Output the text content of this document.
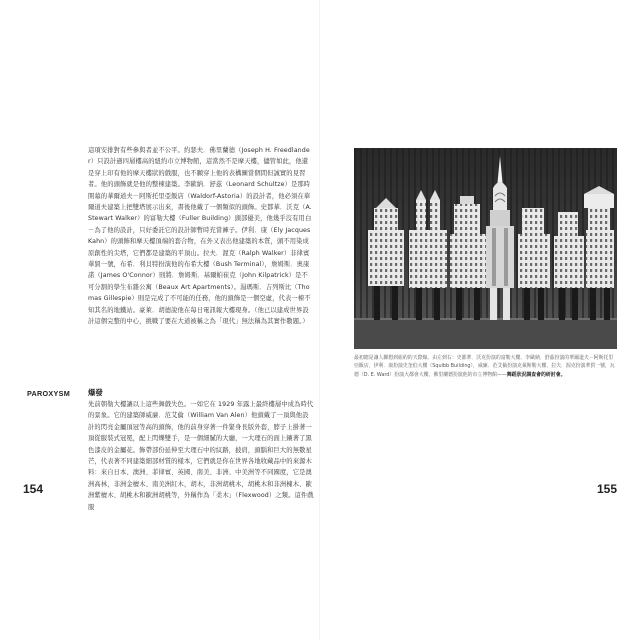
這項安排對有些參與者並不公平。約瑟夫．佛里蘭德（Joseph H. Freedlander）只設計過四層樓高的紐約市立博物館，這當然不是摩天樓，儘管如此，他還是穿上印有他的摩天樓狀的戲服，也不願穿上他的表構圖當個間但誠實的見習者。他的頭飾就是他的整棟建築。李歐納．舒茲（Leonard Schultze）是那時開幕的華爾道夫－阿斯托里亞飯店（Waldorf-Astoria）的設計者，他必須在華爾道夫建築上把雙塔展示出來，書後他戴了一個類似的頭飾。史都華．沃克（A. Stewart Walker）的富勒大樓（Fuller Building）頭部優美，他幾乎沒有用白－為了他的設計，只好委託它的設計師暫時充當褲子。伊利．康（Ely Jacques Kahn）的頭飾和摩天樓頂端的套合物，在外又表出他建築的本質，頭不用染成原創性的尖塔，它們都是建築的平頂山。拉夫．渥克（Ralph Walker）非律賓華貿一號，布希．利貝特扮演他的布希大樓（Bush Terminal），詹姆斯．奧康諾（James O'Connor）則將．詹姆斯．基爾帕崔克（John Kilpatrick）是不可分割的學生布雜公寓（Beaux Art Apartments）。湯瑪斯．吉列斯比（Thomas Gillespie）則是完成了不可能的任務，他的頭飾是一個空虛，代表一棟不知其名的地鐵站。豪萊．胡德說他在每日電訊報大樓現身。（他已以建成世界設計這個完整的中心，挑戰了要在大道被稱之為「現代」無法稱為其實作數題。）

PAROXYSM 爆發

先前朝勒大樓讓以上這些舞戲失色。一如它在 1929 年露上最終樓層中成為時代的景象。它的建築師威廉．范艾倫（William Van Alen）他頭戴了一頂與他設計的閃亮金屬頂冠等高的頭飾，他的前身穿著一件緊身長版外套，脖子上掛著一頂從服裝式冠冕，配上閃爍雙手，是一個細膩的大廳，一大理石的面上鑲著了黑色漆皮的金屬花。飾帶部份延伸至大理石中的紋路，披肩，頭腦和巨大的無數星芒，代表著不同建築細部材質的樣本，它們就是你在世界各地收藏品中的來源木料：來自日本、澳洲、菲律賓、英國、南美、非洲、中美洲等不同國度，它是澳洲高林，非洲金檀木、南美洲紅木，胡木，非洲胡桃木，胡桃木和非洲楝木、歐洲紫檀木、胡桃木和歐洲胡桃等，外稱作為「柔木」（Flexwood）之類。這件戲服

154

最初總是讓人聯想到紐約的天際線。由左到右：史都華．沃克扮演的富勒大樓、李歐納．舒茲扮演的華爾道夫－阿斯托里亞飯店，伊利．康扮演史奎伯大樓（Squibb Building），威廉．范艾倫扮演克萊斯勒大樓，拉夫．渥克扮演華貿一號，瓦德（D. E. Ward）扮演大都會大樓，佛里蘭德扮演他的市立博物館——舞蹈狀況調查會的研討會。

155
